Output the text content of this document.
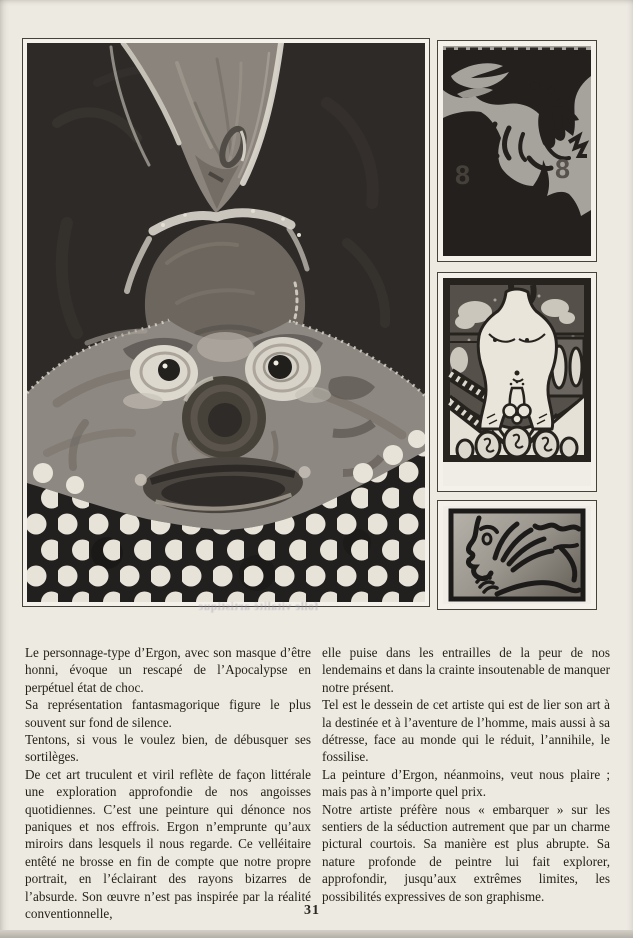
8	8
folle vitalité artistique

Le personnage-type d’Ergon, avec son masque d’être honni, évoque un rescapé de l’Apocalypse en perpétuel état de choc.

Sa représentation fantasmagorique figure le plus souvent sur fond de silence.

Tentons, si vous le voulez bien, de débusquer ses sortilèges.

De cet art truculent et viril reflète de façon littérale une exploration approfondie de nos angoisses quotidiennes. C’est une peinture qui dénonce nos paniques et nos effrois. Ergon n’emprunte qu’aux miroirs dans lesquels il nous regarde. Ce velléitaire entêté ne brosse en fin de compte que notre propre portrait, en l’éclairant des rayons bizarres de l’absurde. Son œuvre n’est pas inspirée par la réalité conventionnelle,

elle puise dans les entrailles de la peur de nos lendemains et dans la crainte insoutenable de manquer notre présent.

Tel est le dessein de cet artiste qui est de lier son art à la destinée et à l’aventure de l’homme, mais aussi à sa détresse, face au monde qui le réduit, l’annihile, le fossilise.

La peinture d’Ergon, néanmoins, veut nous plaire ; mais pas à n’importe quel prix.

Notre artiste préfère nous « embarquer » sur les sentiers de la séduction autrement que par un charme pictural courtois. Sa manière est plus abrupte. Sa nature profonde de peintre lui fait explorer, approfondir, jusqu’aux extrêmes limites, les possibilités expressives de son graphisme.

31
